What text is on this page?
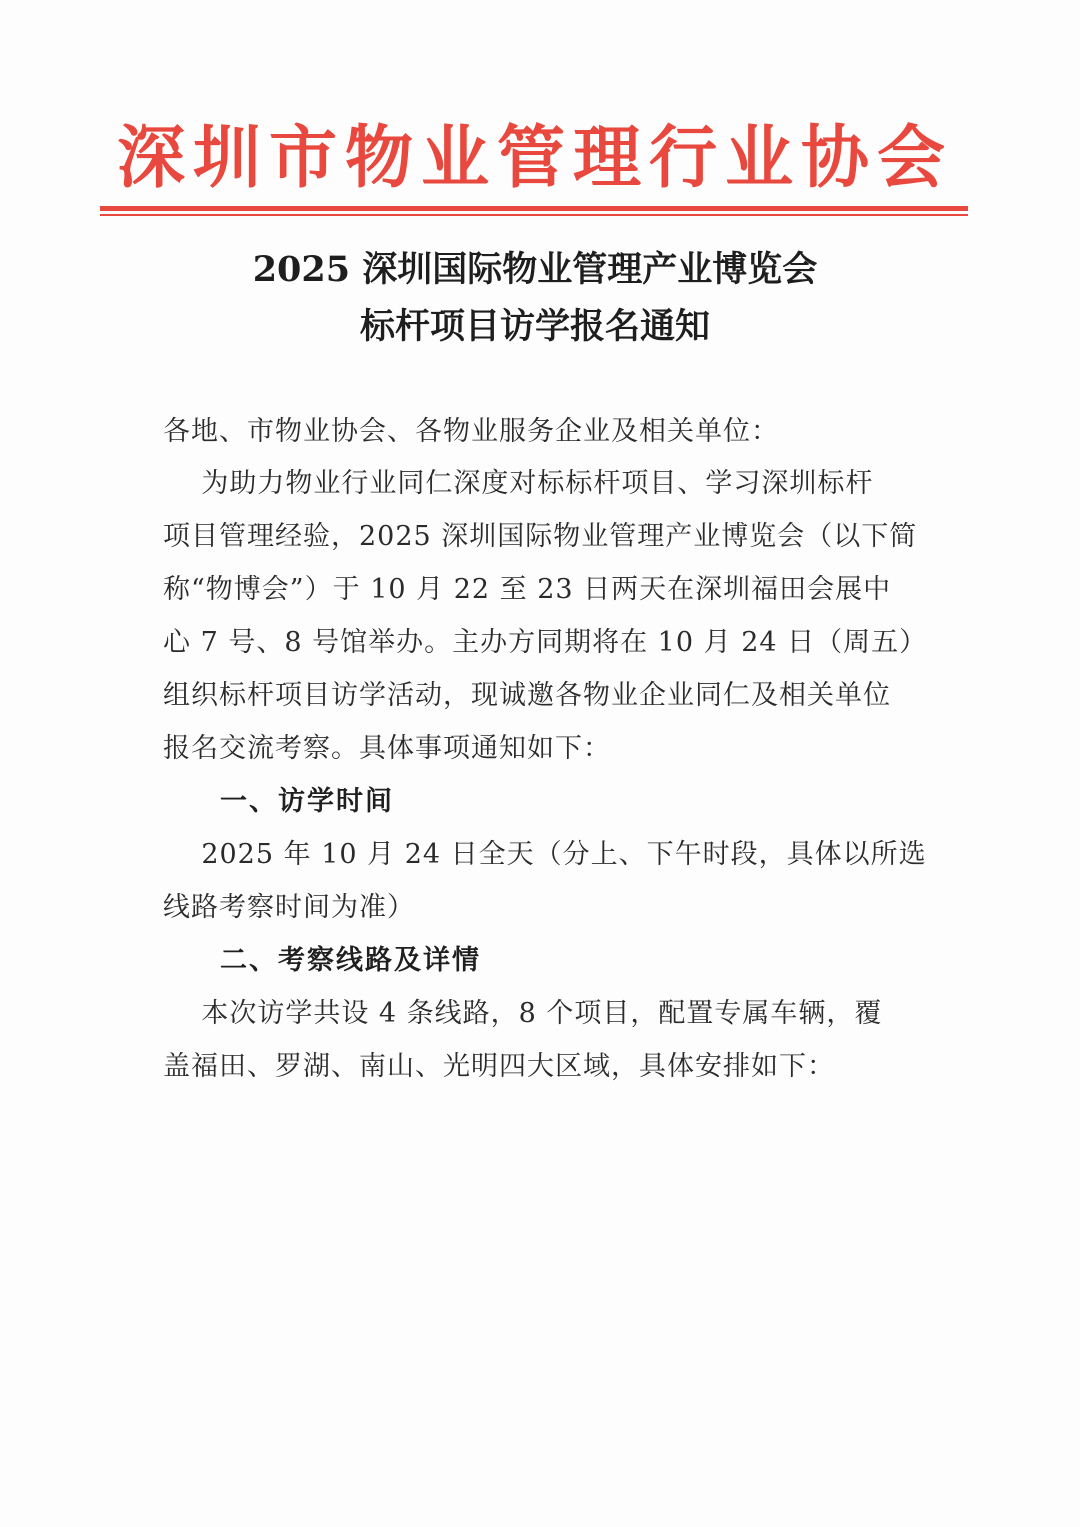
深圳市物业管理行业协会
2025 深圳国际物业管理产业博览会
标杆项目访学报名通知
各地、市物业协会、各物业服务企业及相关单位：
为助力物业行业同仁深度对标标杆项目、学习深圳标杆
项目管理经验，2025 深圳国际物业管理产业博览会（以下简
称“物博会”）于 10 月 22 至 23 日两天在深圳福田会展中
心 7 号、8 号馆举办。主办方同期将在 10 月 24 日（周五）
组织标杆项目访学活动，现诚邀各物业企业同仁及相关单位
报名交流考察。具体事项通知如下：
一、访学时间
2025 年 10 月 24 日全天（分上、下午时段，具体以所选
线路考察时间为准）
二、考察线路及详情
本次访学共设 4 条线路，8 个项目，配置专属车辆，覆
盖福田、罗湖、南山、光明四大区域，具体安排如下：
